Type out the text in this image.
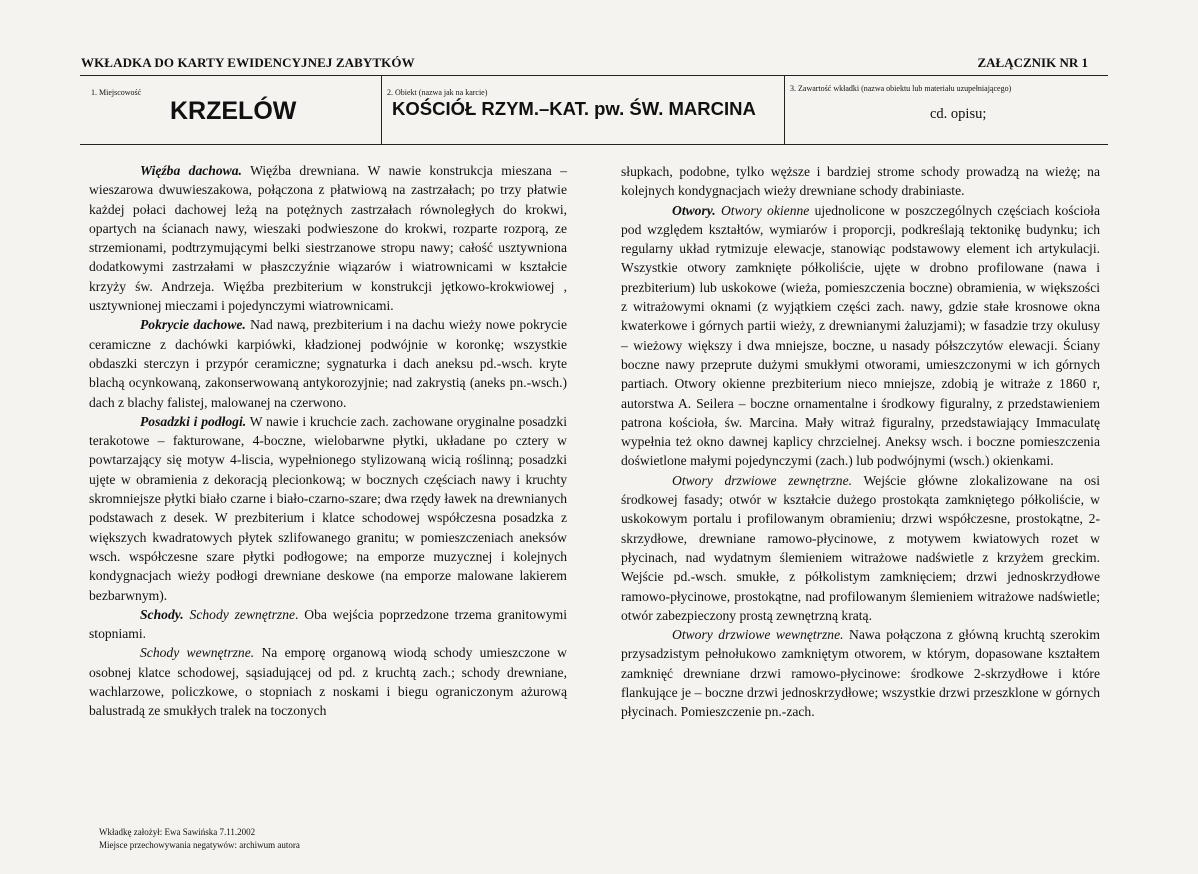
WKŁADKA DO KARTY EWIDENCYJNEJ ZABYTKÓW	ZAŁĄCZNIK NR 1
1. Miejscowość
KRZELÓW
2. Obiekt (nazwa jak na karcie)
KOŚCIÓŁ RZYM.–KAT. pw. ŚW. MARCINA
3. Zawartość wkładki (nazwa obiektu lub materiału uzupełniającego)
cd. opisu;

Więźba dachowa. Więźba drewniana. W nawie konstrukcja mieszana – wieszarowa dwuwieszakowa, połączona z płatwiową na zastrzałach; po trzy płatwie każdej połaci dachowej leżą na potężnych zastrzałach równoległych do krokwi, opartych na ścianach nawy, wieszaki podwieszone do krokwi, rozparte rozporą, ze strzemionami, podtrzymującymi belki siestrzanowe stropu nawy; całość usztywniona dodatkowymi zastrzałami w płaszczyźnie wiązarów i wiatrownicami w kształcie krzyży św. Andrzeja. Więźba prezbiterium w konstrukcji jętkowo-krokwiowej , usztywnionej mieczami i pojedynczymi wiatrownicami.

Pokrycie dachowe. Nad nawą, prezbiterium i na dachu wieży nowe pokrycie ceramiczne z dachówki karpiówki, kładzionej podwójnie w koronkę; wszystkie obdaszki sterczyn i przypór ceramiczne; sygnaturka i dach aneksu pd.-wsch. kryte blachą ocynkowaną, zakonserwowaną antykorozyjnie; nad zakrystią (aneks pn.-wsch.) dach z blachy falistej, malowanej na czerwono.

Posadzki i podłogi. W nawie i kruchcie zach. zachowane oryginalne posadzki terakotowe – fakturowane, 4-boczne, wielobarwne płytki, układane po cztery w powtarzający się motyw 4-liscia, wypełnionego stylizowaną wicią roślinną; posadzki ujęte w obramienia z dekoracją plecionkową; w bocznych częściach nawy i kruchty skromniejsze płytki biało czarne i biało-czarno-szare; dwa rzędy ławek na drewnianych podstawach z desek. W prezbiterium i klatce schodowej współczesna posadzka z większych kwadratowych płytek szlifowanego granitu; w pomieszczeniach aneksów wsch. współczesne szare płytki podłogowe; na emporze muzycznej i kolejnych kondygnacjach wieży podłogi drewniane deskowe (na emporze malowane lakierem bezbarwnym).

Schody. Schody zewnętrzne. Oba wejścia poprzedzone trzema granitowymi stopniami.

Schody wewnętrzne. Na emporę organową wiodą schody umieszczone w osobnej klatce schodowej, sąsiadującej od pd. z kruchtą zach.; schody drewniane, wachlarzowe, policzkowe, o stopniach z noskami i biegu ograniczonym ażurową balustradą ze smukłych tralek na toczonych

słupkach, podobne, tylko węższe i bardziej strome schody prowadzą na wieżę; na kolejnych kondygnacjach wieży drewniane schody drabiniaste.

Otwory. Otwory okienne ujednolicone w poszczególnych częściach kościoła pod względem kształtów, wymiarów i proporcji, podkreślają tektonikę budynku; ich regularny układ rytmizuje elewacje, stanowiąc podstawowy element ich artykulacji. Wszystkie otwory zamknięte półkoliście, ujęte w drobno profilowane (nawa i prezbiterium) lub uskokowe (wieża, pomieszczenia boczne) obramienia, w większości z witrażowymi oknami (z wyjątkiem części zach. nawy, gdzie stałe krosnowe okna kwaterkowe i górnych partii wieży, z drewnianymi żaluzjami); w fasadzie trzy okulusy – wieżowy większy i dwa mniejsze, boczne, u nasady półszczytów elewacji. Ściany boczne nawy przeprute dużymi smukłymi otworami, umieszczonymi w ich górnych partiach. Otwory okienne prezbiterium nieco mniejsze, zdobią je witraże z 1860 r, autorstwa A. Seilera – boczne ornamentalne i środkowy figuralny, z przedstawieniem patrona kościoła, św. Marcina. Mały witraż figuralny, przedstawiający Immaculatę wypełnia też okno dawnej kaplicy chrzcielnej. Aneksy wsch. i boczne pomieszczenia doświetlone małymi pojedynczymi (zach.) lub podwójnymi (wsch.) okienkami.

Otwory drzwiowe zewnętrzne. Wejście główne zlokalizowane na osi środkowej fasady; otwór w kształcie dużego prostokąta zamkniętego półkoliście, w uskokowym portalu i profilowanym obramieniu; drzwi współczesne, prostokątne, 2-skrzydłowe, drewniane ramowo-płycinowe, z motywem kwiatowych rozet w płycinach, nad wydatnym ślemieniem witrażowe nadświetle z krzyżem greckim. Wejście pd.-wsch. smukłe, z półkolistym zamknięciem; drzwi jednoskrzydłowe ramowo-płycinowe, prostokątne, nad profilowanym ślemieniem witrażowe nadświetle; otwór zabezpieczony prostą zewnętrzną kratą.

Otwory drzwiowe wewnętrzne. Nawa połączona z główną kruchtą szerokim przysadzistym pełnołukowo zamkniętym otworem, w którym, dopasowane kształtem zamknięć drewniane drzwi ramowo-płycinowe: środkowe 2-skrzydłowe i które flankujące je – boczne drzwi jednoskrzydłowe; wszystkie drzwi przeszklone w górnych płycinach. Pomieszczenie pn.-zach.

Wkładkę założył: Ewa Sawińska 7.11.2002
Miejsce przechowywania negatywów: archiwum autora
